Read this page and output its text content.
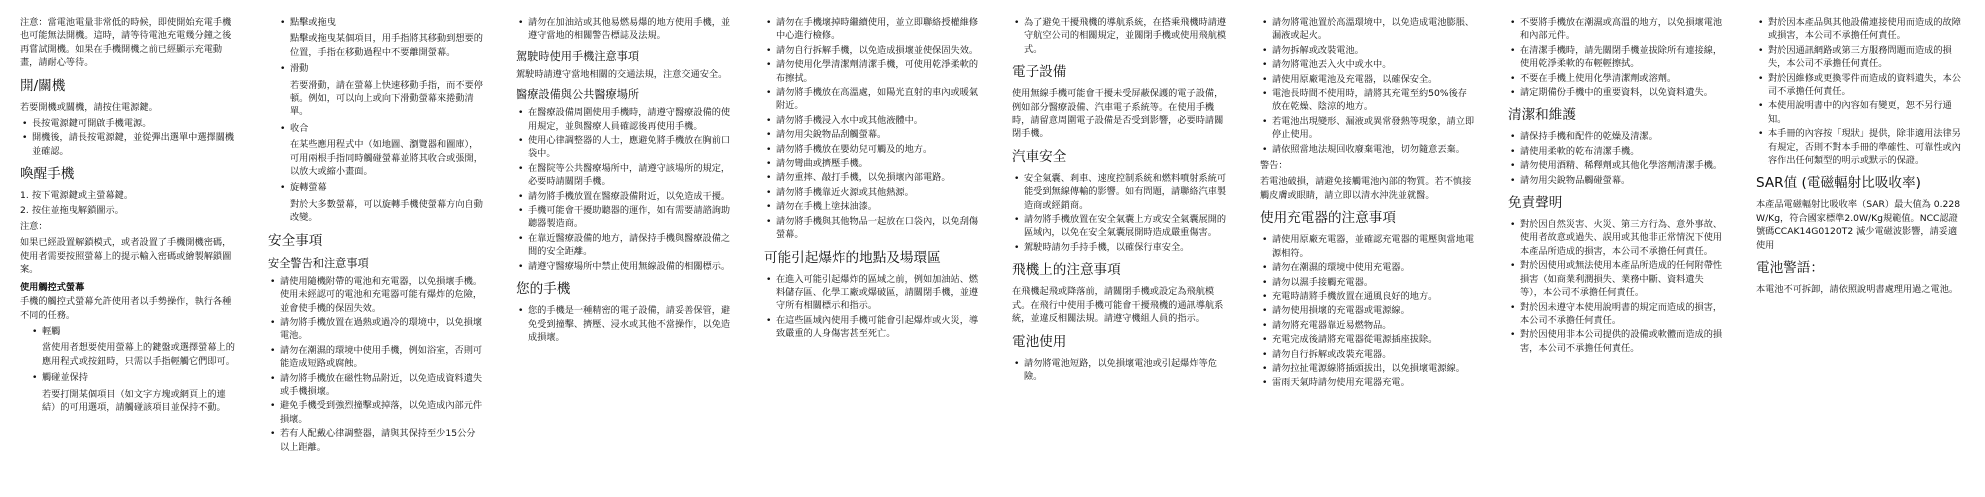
注意：當電池電量非常低的時候，即使開始充電手機也可能無法開機。這時，請等待電池充電幾分鐘之後再嘗試開機。如果在手機開機之前已經顯示充電動畫，請耐心等待。
開/關機
若要開機或關機，請按住電源鍵。
• 長按電源鍵可開啟手機電源。
• 開機後，請長按電源鍵，並從彈出選單中選擇關機並確認。
喚醒手機
1. 按下電源鍵或主螢幕鍵。
2. 按住並拖曳解鎖圖示。
注意：
如果已經設置解鎖模式，或者設置了手機開機密碼，使用者需要按照螢幕上的提示輸入密碼或繪製解鎖圖案。
使用觸控式螢幕
手機的觸控式螢幕允許使用者以手勢操作，執行各種不同的任務。
• 輕觸
當使用者想要使用螢幕上的鍵盤或選擇螢幕上的應用程式或按鈕時，只需以手指輕觸它們即可。
• 觸碰並保持
若要打開某個項目（如文字方塊或網頁上的連結）的可用選項，請觸碰該項目並保持不動。
• 點擊或拖曳
點擊或拖曳某個項目，用手指將其移動到想要的位置，手指在移動過程中不要離開螢幕。
• 滑動
若要滑動，請在螢幕上快速移動手指，而不要停頓。例如，可以向上或向下滑動螢幕來捲動清單。
• 收合
在某些應用程式中（如地圖、瀏覽器和圖庫），可用兩根手指同時觸碰螢幕並將其收合或張開，以放大或縮小畫面。
• 旋轉螢幕
對於大多數螢幕，可以旋轉手機使螢幕方向自動改變。
安全事項
安全警告和注意事項
• 請使用隨機附帶的電池和充電器，以免損壞手機。使用未經認可的電池和充電器可能有爆炸的危險，並會使手機的保固失效。
• 請勿將手機放置在過熱或過冷的環境中，以免損壞電池。
• 請勿在潮濕的環境中使用手機，例如浴室，否則可能造成短路或腐蝕。
• 請勿將手機放在磁性物品附近，以免造成資料遺失或手機損壞。
• 避免手機受到強烈撞擊或掉落，以免造成內部元件損壞。
• 若有人配戴心律調整器，請與其保持至少15公分以上距離。
• 請勿在加油站或其他易燃易爆的地方使用手機，並遵守當地的相關警告標誌及法規。
駕駛時使用手機注意事項
駕駛時請遵守當地相關的交通法規，注意交通安全。
醫療設備與公共醫療場所
• 在醫療設備周圍使用手機時，請遵守醫療設備的使用規定，並與醫療人員確認後再使用手機。
• 使用心律調整器的人士，應避免將手機放在胸前口袋中。
• 在醫院等公共醫療場所中，請遵守該場所的規定，必要時請關閉手機。
• 請勿將手機放置在醫療設備附近，以免造成干擾。
• 手機可能會干擾助聽器的運作，如有需要請諮詢助聽器製造商。
• 在靠近醫療設備的地方，請保持手機與醫療設備之間的安全距離。
• 請遵守醫療場所中禁止使用無線設備的相關標示。
您的手機
• 您的手機是一種精密的電子設備，請妥善保管，避免受到撞擊、擠壓、浸水或其他不當操作，以免造成損壞。
• 請勿在手機壞掉時繼續使用，並立即聯絡授權維修中心進行檢修。
• 請勿自行拆解手機，以免造成損壞並使保固失效。
• 請勿使用化學清潔劑清潔手機，可使用乾淨柔軟的布擦拭。
• 請勿將手機放在高溫處，如陽光直射的車內或暖氣附近。
• 請勿將手機浸入水中或其他液體中。
• 請勿用尖銳物品刮觸螢幕。
• 請勿將手機放在嬰幼兒可觸及的地方。
• 請勿彎曲或擠壓手機。
• 請勿重摔、敲打手機，以免損壞內部電路。
• 請勿將手機靠近火源或其他熱源。
• 請勿在手機上塗抹油漆。
• 請勿將手機與其他物品一起放在口袋內，以免刮傷螢幕。
可能引起爆炸的地點及場環區
• 在進入可能引起爆炸的區域之前，例如加油站、燃料儲存區、化學工廠或爆破區，請關閉手機，並遵守所有相關標示和指示。
• 在這些區域內使用手機可能會引起爆炸或火災，導致嚴重的人身傷害甚至死亡。
• 為了避免干擾飛機的導航系統，在搭乘飛機時請遵守航空公司的相關規定，並關閉手機或使用飛航模式。
電子設備
使用無線手機可能會干擾未受屏蔽保護的電子設備，例如部分醫療設備、汽車電子系統等。在使用手機時，請留意周圍電子設備是否受到影響，必要時請關閉手機。
汽車安全
• 安全氣囊、剎車、速度控制系統和燃料噴射系統可能受到無線傳輸的影響。如有問題，請聯絡汽車製造商或經銷商。
• 請勿將手機放置在安全氣囊上方或安全氣囊展開的區域內，以免在安全氣囊展開時造成嚴重傷害。
• 駕駛時請勿手持手機，以確保行車安全。
飛機上的注意事項
在飛機起飛或降落前，請關閉手機或設定為飛航模式。在飛行中使用手機可能會干擾飛機的通訊導航系統，並違反相關法規。請遵守機組人員的指示。
電池使用
• 請勿將電池短路，以免損壞電池或引起爆炸等危險。
• 請勿將電池置於高溫環境中，以免造成電池膨脹、漏液或起火。
• 請勿拆解或改裝電池。
• 請勿將電池丟入火中或水中。
• 請使用原廠電池及充電器，以確保安全。
• 電池長時間不使用時，請將其充電至約50%後存放在乾燥、陰涼的地方。
• 若電池出現變形、漏液或異常發熱等現象，請立即停止使用。
• 請依照當地法規回收廢棄電池，切勿隨意丟棄。
警告：
若電池破損，請避免接觸電池內部的物質。若不慎接觸皮膚或眼睛，請立即以清水沖洗並就醫。
使用充電器的注意事項
• 請使用原廠充電器，並確認充電器的電壓與當地電源相符。
• 請勿在潮濕的環境中使用充電器。
• 請勿以濕手接觸充電器。
• 充電時請將手機放置在通風良好的地方。
• 請勿使用損壞的充電器或電源線。
• 請勿將充電器靠近易燃物品。
• 充電完成後請將充電器從電源插座拔除。
• 請勿自行拆解或改裝充電器。
• 請勿拉扯電源線將插頭拔出，以免損壞電源線。
• 雷雨天氣時請勿使用充電器充電。
• 不要將手機放在潮濕或高溫的地方，以免損壞電池和內部元件。
• 在清潔手機時，請先關閉手機並拔除所有連接線，使用乾淨柔軟的布輕輕擦拭。
• 不要在手機上使用化學清潔劑或溶劑。
• 請定期備份手機中的重要資料，以免資料遺失。
清潔和維護
• 請保持手機和配件的乾燥及清潔。
• 請使用柔軟的乾布清潔手機。
• 請勿使用酒精、稀釋劑或其他化學溶劑清潔手機。
• 請勿用尖銳物品觸碰螢幕。
免責聲明
• 對於因自然災害、火災、第三方行為、意外事故、使用者故意或過失、誤用或其他非正常情況下使用本產品所造成的損害，本公司不承擔任何責任。
• 對於因使用或無法使用本產品所造成的任何附帶性損害（如商業利潤損失、業務中斷、資料遺失等），本公司不承擔任何責任。
• 對於因未遵守本使用說明書的規定而造成的損害，本公司不承擔任何責任。
• 對於因使用非本公司提供的設備或軟體而造成的損害，本公司不承擔任何責任。
• 對於因本產品與其他設備連接使用而造成的故障或損害，本公司不承擔任何責任。
• 對於因通訊網路或第三方服務問題而造成的損失，本公司不承擔任何責任。
• 對於因維修或更換零件而造成的資料遺失，本公司不承擔任何責任。
• 本使用說明書中的內容如有變更，恕不另行通知。
• 本手冊的內容按「現狀」提供，除非適用法律另有規定，否則不對本手冊的準確性、可靠性或內容作出任何類型的明示或默示的保證。
SAR值 (電磁輻射比吸收率)
本產品電磁輻射比吸收率（SAR）最大值為 0.228 W/Kg，符合國家標準2.0W/Kg規範值。NCC認證號碼CCAK14G0120T2 減少電磁波影響，請妥適使用
電池警語：
本電池不可拆卸，請依照說明書處理用過之電池。
